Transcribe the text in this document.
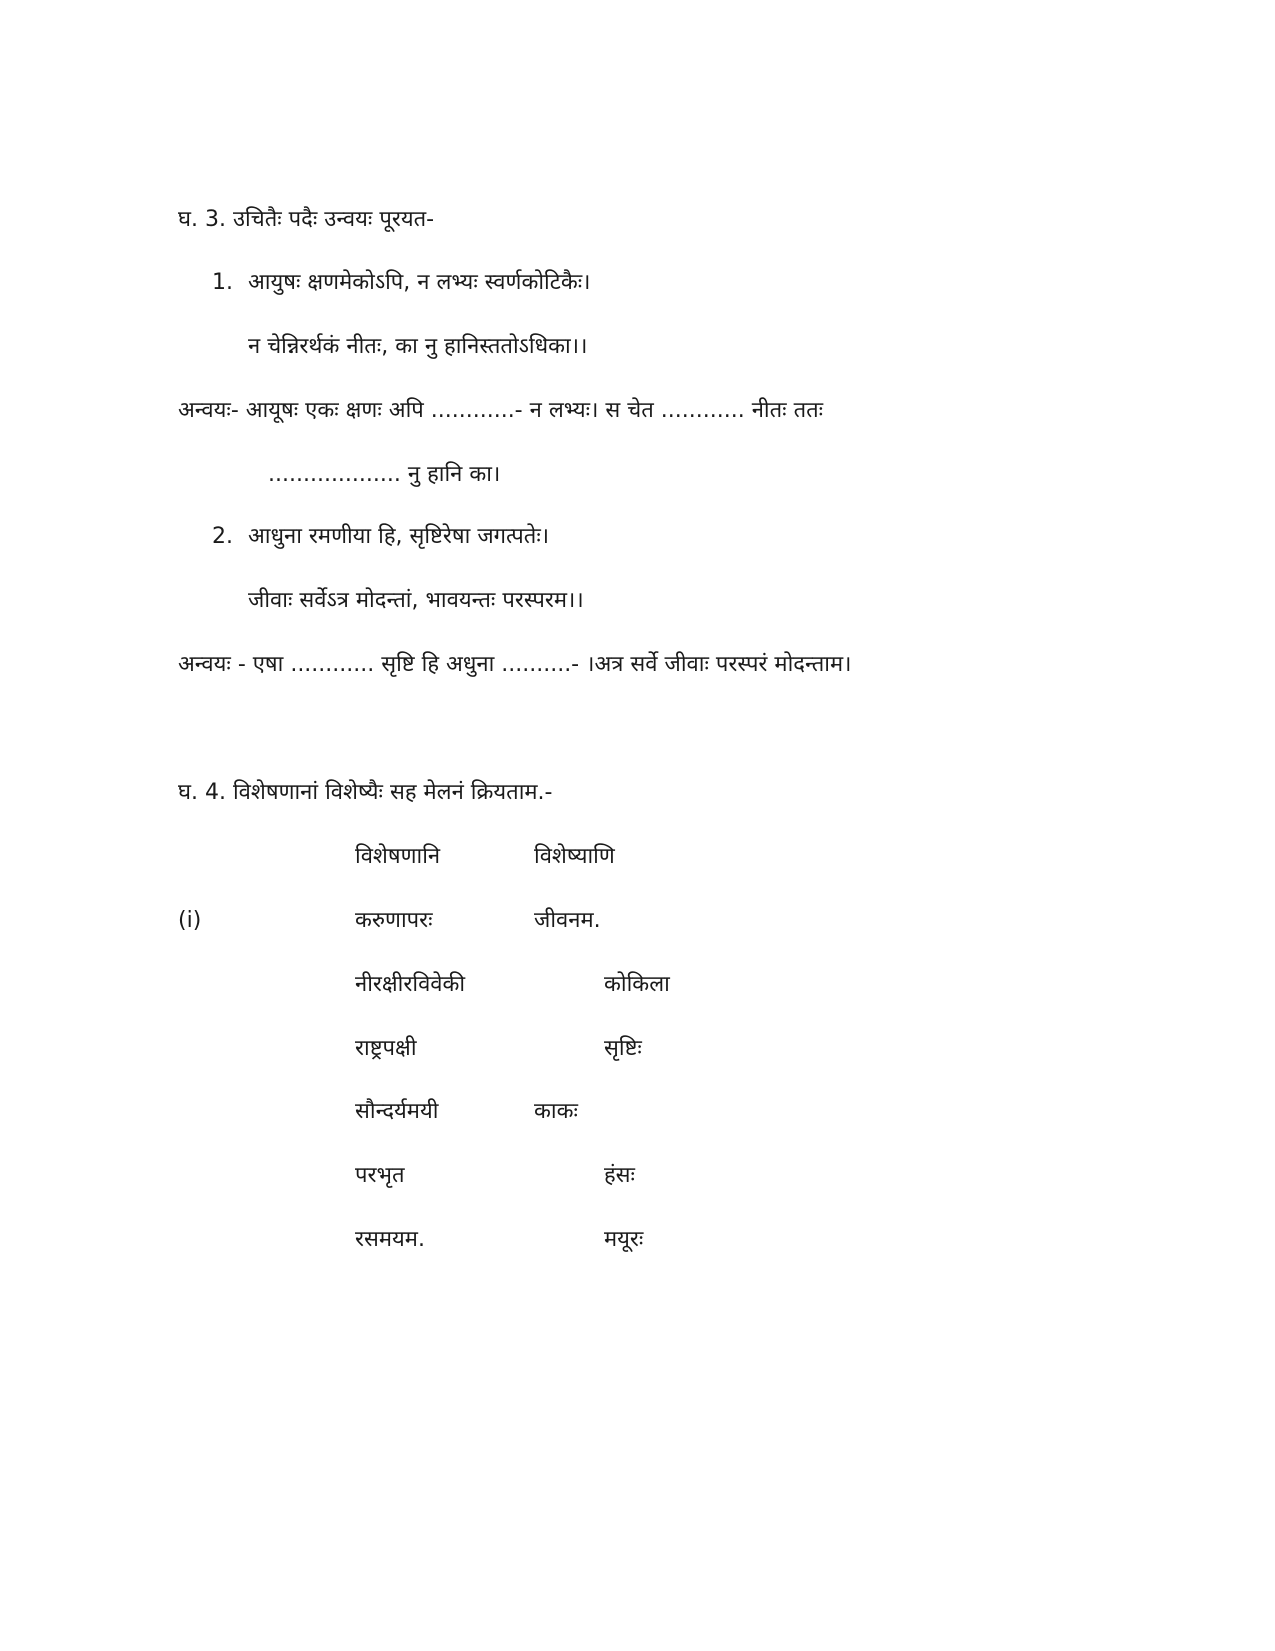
घ. 3. उचितैः पदैः उन्वयः पूरयत-
1. आयुषः क्षणमेकोऽपि, न लभ्यः स्वर्णकोटिकैः।
न चेन्निरर्थकं नीतः, का नु हानिस्ततोऽधिका।।
अन्वयः- आयूषः एकः क्षणः अपि ............- न लभ्यः। स चेत ............ नीतः ततः
................... नु हानि का।
2. आधुना रमणीया हि, सृष्टिरेषा जगत्पतेः।
जीवाः सर्वेऽत्र मोदन्तां, भावयन्तः परस्परम।।
अन्वयः - एषा ............ सृष्टि हि अधुना ..........- ।अत्र सर्वे जीवाः परस्परं मोदन्ताम।
घ. 4. विशेषणानां विशेष्यैः सह मेलनं क्रियताम.-
विशेषणानि	विशेष्याणि
(i)	करुणापरः	जीवनम.
नीरक्षीरविवेकी	कोकिला
राष्ट्रपक्षी	सृष्टिः
सौन्दर्यमयी	काकः
परभृत	हंसः
रसमयम.	मयूरः
